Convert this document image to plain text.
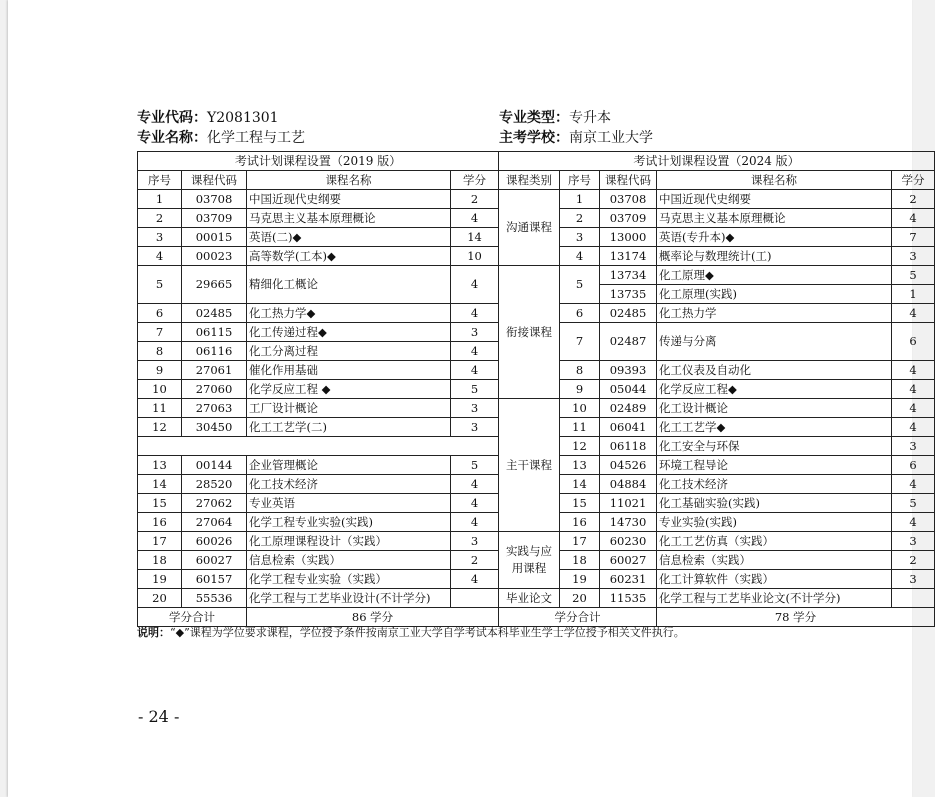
专业代码：Y2081301	专业类型：专升本
专业名称：化学工程与工艺	主考学校：南京工业大学
考试计划课程设置（2019 版）			
序号	课程代码	课程名称	学分
1	03708	中国近现代史纲要	2
2	03709	马克思主义基本原理概论	4
3	00015	英语(二)◆	14
4	00023	高等数学(工本)◆	10
5	29665	精细化工概论	4
6	02485	化工热力学◆	4
7	06115	化工传递过程◆	3
8	06116	化工分离过程	4
9	27061	催化作用基础	4
10	27060	化学反应工程 ◆	5
11	27063	工厂设计概论	3
12	30450	化工工艺学(二)	3

13	00144	企业管理概论	5
14	28520	化工技术经济	4
15	27062	专业英语	4
16	27064	化学工程专业实验(实践)	4
17	60026	化工原理课程设计（实践）	3
18	60027	信息检索（实践）	2
19	60157	化学工程专业实验（实践）	4
20	55536	化学工程与工艺毕业设计(不计学分)	
学分合计		86 学分	
考试计划课程设置（2024 版）				
课程类别	序号	课程代码	课程名称	学分
沟通课程	1	03708	中国近现代史纲要	2
	2	03709	马克思主义基本原理概论	4
	3	13000	英语(专升本)◆	7
	4	13174	概率论与数理统计(工)	3
衔接课程	5	13734	化工原理◆	5
		13735	化工原理(实践)	1
	6	02485	化工热力学	4
	7	02487	传递与分离	6
	8	09393	化工仪表及自动化	4
	9	05044	化学反应工程◆	4
主干课程	10	02489	化工设计概论	4
	11	06041	化工工艺学◆	4
	12	06118	化工安全与环保	3
	13	04526	环境工程导论	6
	14	04884	化工技术经济	4
	15	11021	化工基础实验(实践)	5
	16	14730	专业实验(实践)	4
实践与应用课程	17	60230	化工工艺仿真（实践）	3
	18	60027	信息检索（实践）	2
	19	60231	化工计算软件（实践）	3
毕业论文	20	11535	化学工程与工艺毕业论文(不计学分)	
学分合计			78 学分	
说明：“◆”课程为学位要求课程，学位授予条件按南京工业大学自学考试本科毕业生学士学位授予相关文件执行。
- 24 -
